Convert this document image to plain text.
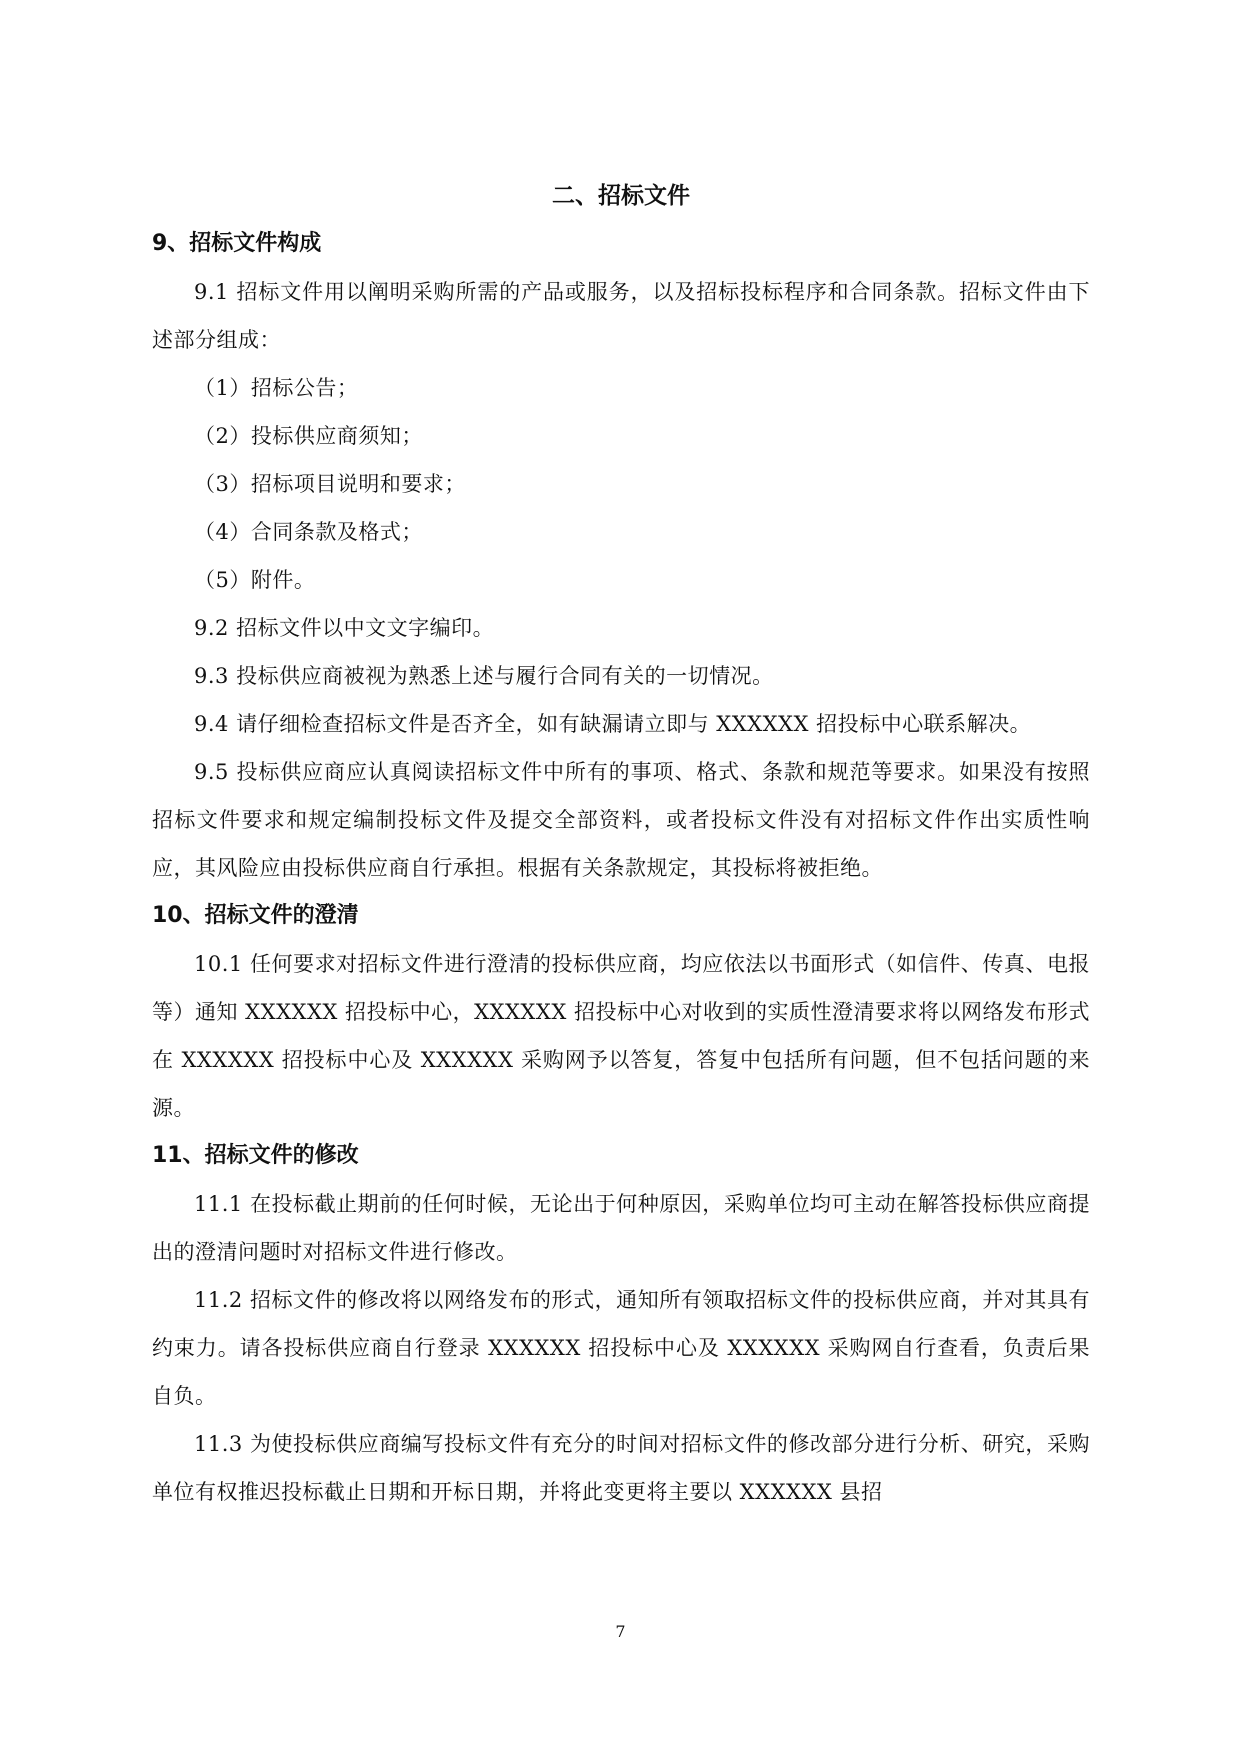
二、招标文件
9、招标文件构成

9.1 招标文件用以阐明采购所需的产品或服务，以及招标投标程序和合同条款。招标文件由下述部分组成：

（1）招标公告；

（2）投标供应商须知；

（3）招标项目说明和要求；

（4）合同条款及格式；

（5）附件。

9.2 招标文件以中文文字编印。

9.3 投标供应商被视为熟悉上述与履行合同有关的一切情况。

9.4 请仔细检查招标文件是否齐全，如有缺漏请立即与 XXXXXX 招投标中心联系解决。

9.5 投标供应商应认真阅读招标文件中所有的事项、格式、条款和规范等要求。如果没有按照招标文件要求和规定编制投标文件及提交全部资料，或者投标文件没有对招标文件作出实质性响应，其风险应由投标供应商自行承担。根据有关条款规定，其投标将被拒绝。

10、招标文件的澄清

10.1 任何要求对招标文件进行澄清的投标供应商，均应依法以书面形式（如信件、传真、电报等）通知 XXXXXX 招投标中心，XXXXXX 招投标中心对收到的实质性澄清要求将以网络发布形式在 XXXXXX 招投标中心及 XXXXXX 采购网予以答复，答复中包括所有问题，但不包括问题的来源。

11、招标文件的修改

11.1 在投标截止期前的任何时候，无论出于何种原因，采购单位均可主动在解答投标供应商提出的澄清问题时对招标文件进行修改。

11.2 招标文件的修改将以网络发布的形式，通知所有领取招标文件的投标供应商，并对其具有约束力。请各投标供应商自行登录 XXXXXX 招投标中心及 XXXXXX 采购网自行查看，负责后果自负。

11.3 为使投标供应商编写投标文件有充分的时间对招标文件的修改部分进行分析、研究，采购单位有权推迟投标截止日期和开标日期，并将此变更将主要以 XXXXXX 县招

7
